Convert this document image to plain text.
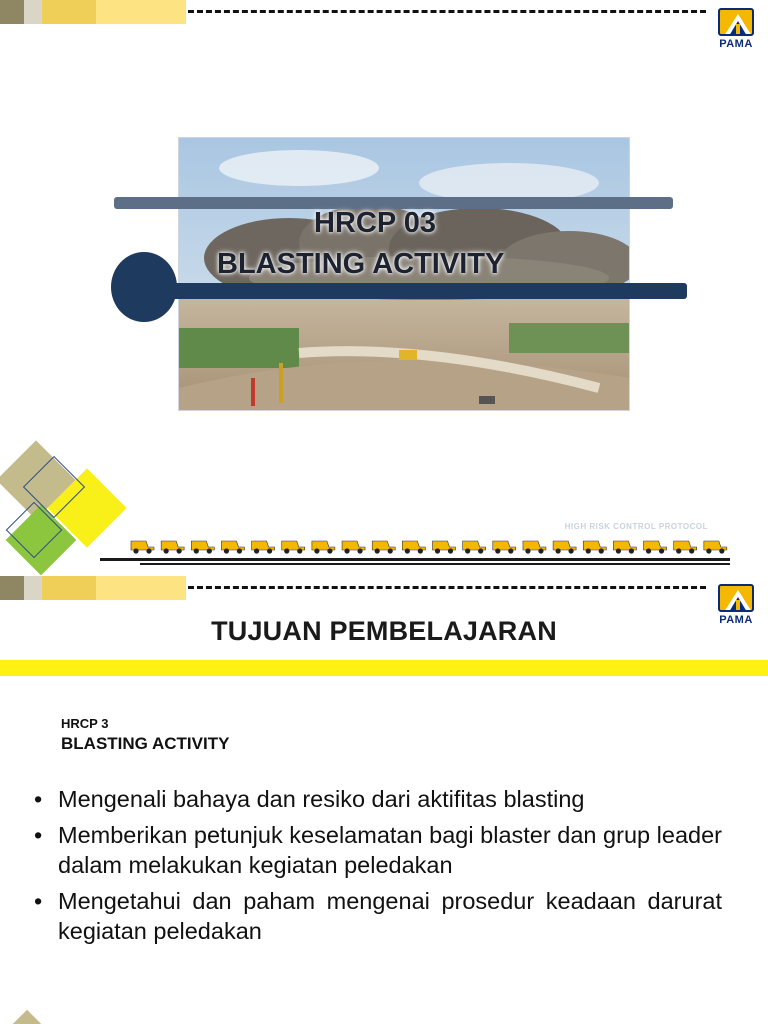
PAMA
HRCP 03
BLASTING ACTIVITY
HIGH RISK CONTROL PROTOCOL
PAMA
TUJUAN PEMBELAJARAN
HRCP 3
BLASTING ACTIVITY
• Mengenali bahaya dan resiko dari aktifitas blasting
• Memberikan petunjuk keselamatan bagi blaster dan grup leader dalam melakukan kegiatan peledakan
• Mengetahui dan paham mengenai prosedur keadaan darurat kegiatan peledakan
